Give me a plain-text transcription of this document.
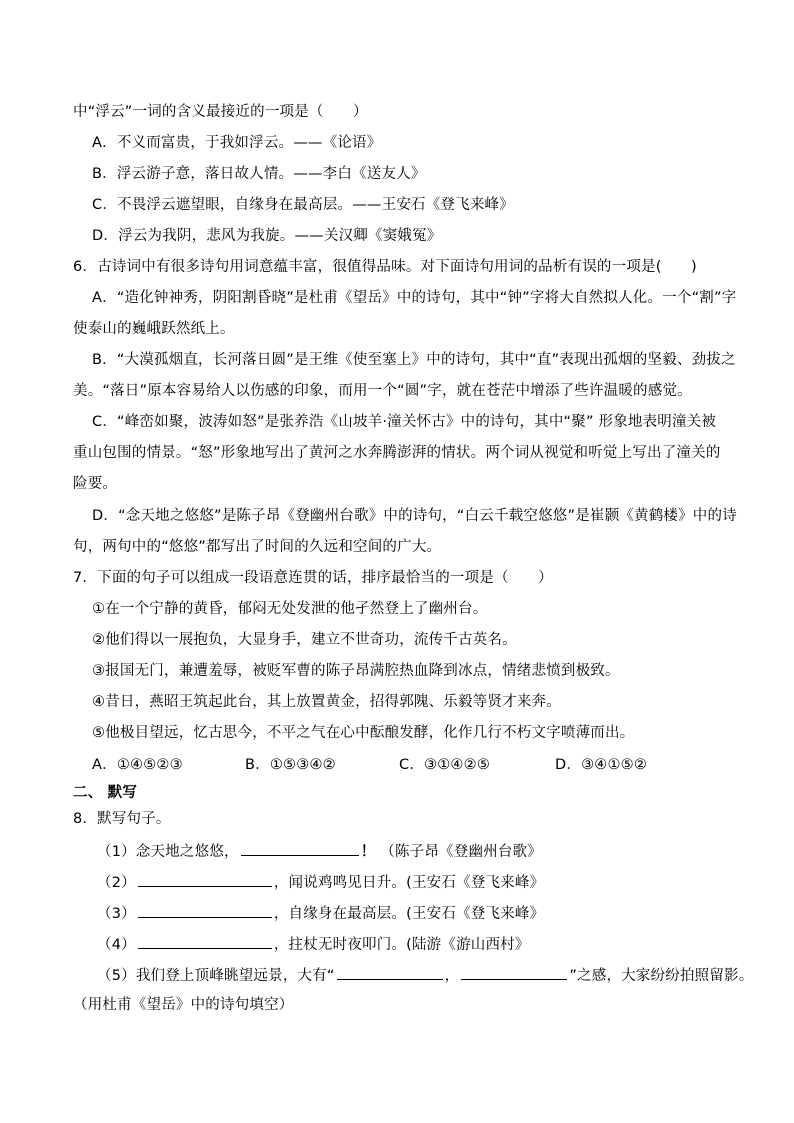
中“浮云”一词的含义最接近的一项是（　　）
A．不义而富贵，于我如浮云。——《论语》
B．浮云游子意，落日故人情。——李白《送友人》
C．不畏浮云遮望眼，自缘身在最高层。——王安石《登飞来峰》
D．浮云为我阴，悲风为我旋。——关汉卿《窦娥冤》
6．古诗词中有很多诗句用词意蕴丰富，很值得品味。对下面诗句用词的品析有误的一项是(　　)
A．“造化钟神秀，阴阳割昏晓”是杜甫《望岳》中的诗句，其中“钟”字将大自然拟人化。一个“割”字
使泰山的巍峨跃然纸上。
B．“大漠孤烟直，长河落日圆”是王维《使至塞上》中的诗句，其中“直”表现出孤烟的坚毅、劲拔之
美。“落日”原本容易给人以伤感的印象，而用一个“圆”字，就在苍茫中增添了些许温暖的感觉。
C．“峰峦如聚，波涛如怒”是张养浩《山坡羊·潼关怀古》中的诗句，其中“聚” 形象地表明潼关被
重山包围的情景。“怒”形象地写出了黄河之水奔腾澎湃的情状。两个词从视觉和听觉上写出了潼关的
险要。
D．“念天地之悠悠”是陈子昂《登幽州台歌》中的诗句，“白云千载空悠悠”是崔颢《黄鹤楼》中的诗
句，两句中的“悠悠”都写出了时间的久远和空间的广大。
7．下面的句子可以组成一段语意连贯的话，排序最恰当的一项是（　　）
①在一个宁静的黄昏，郁闷无处发泄的他孑然登上了幽州台。
②他们得以一展抱负，大显身手，建立不世奇功，流传千古英名。
③报国无门，兼遭羞辱，被贬军曹的陈子昂满腔热血降到冰点，情绪悲愤到极致。
④昔日，燕昭王筑起此台，其上放置黄金，招得郭隗、乐毅等贤才来奔。
⑤他极目望远，忆古思今，不平之气在心中酝酿发酵，化作几行不朽文字喷薄而出。
A．①④⑤②③	B．①⑤③④②	C．③①④②⑤	D．③④①⑤②
二、 默写
8．默写句子。
（1）念天地之悠悠，	！ （陈子昂《登幽州台歌》
（2）	，闻说鸡鸣见日升。(王安石《登飞来峰》
（3）	，自缘身在最高层。(王安石《登飞来峰》
（4）	，拄杖无时夜叩门。(陆游《游山西村》
（5）我们登上顶峰眺望远景，大有“	，	”之感，大家纷纷拍照留影。
（用杜甫《望岳》中的诗句填空）
